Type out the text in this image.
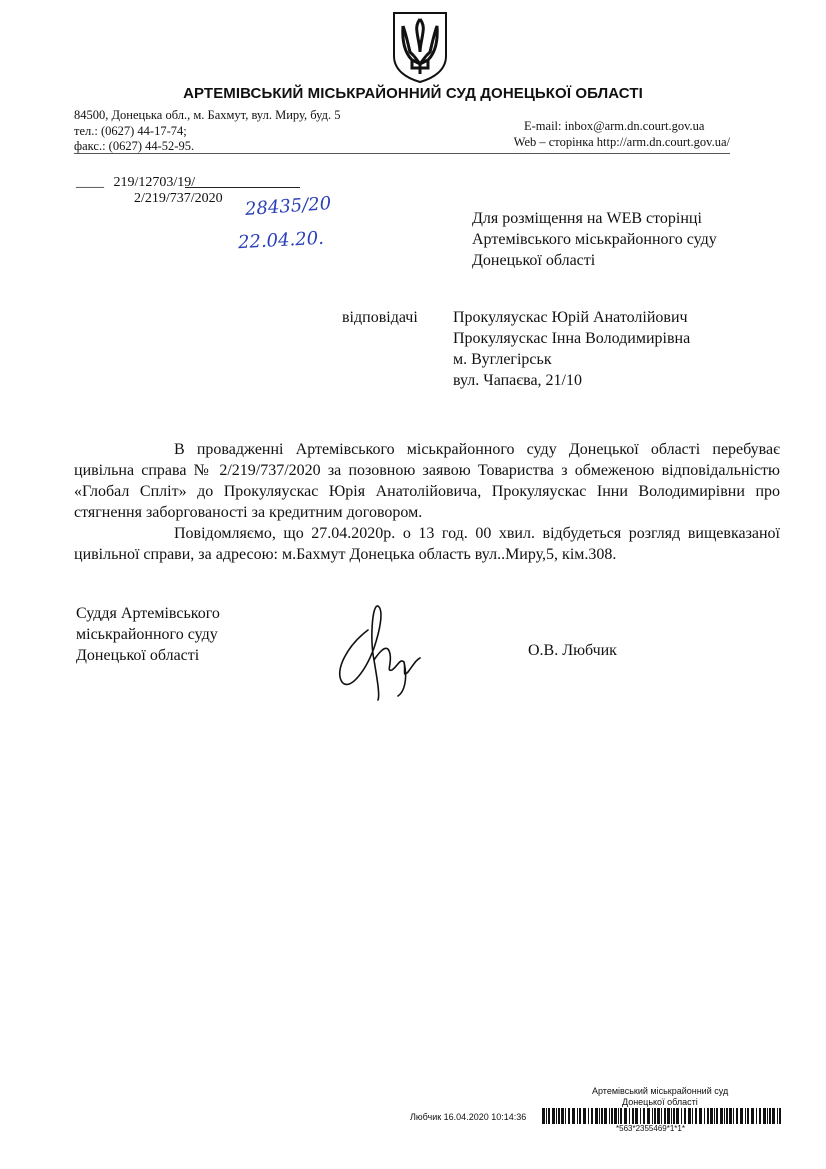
АРТЕМІВСЬКИЙ МІСЬКРАЙОННИЙ СУД ДОНЕЦЬКОЇ ОБЛАСТІ
84500, Донецька обл., м. Бахмут, вул. Миру, буд. 5
тел.: (0627) 44-17-74;	E-mail: inbox@arm.dn.court.gov.ua
факс.: (0627) 44-52-95.	Web – сторінка http://arm.dn.court.gov.ua/
____ 219/12703/19/
2/219/737/2020 28435/20
22.04.20.
Для розміщення на WEB сторінці
Артемівського міськрайонного суду
Донецької області
відповідачі Прокуляускас Юрій Анатолійович
Прокуляускас Інна Володимирівна
м. Вуглегірськ
вул. Чапаєва, 21/10
В провадженні Артемівського міськрайонного суду Донецької області перебуває цивільна справа № 2/219/737/2020 за позовною заявою Товариства з обмеженою відповідальністю «Глобал Спліт» до Прокуляускас Юрія Анатолійовича, Прокуляускас Інни Володимирівни про стягнення заборгованості за кредитним договором.
Повідомляємо, що 27.04.2020р. о 13 год. 00 хвил. відбудеться розгляд вищевказаної цивільної справи, за адресою: м.Бахмут Донецька область вул..Миру,5, кім.308.
Суддя Артемівського
міськрайонного суду
Донецької області	О.В. Любчик
Артемівський міськрайонний суд
Донецької області
Любчик 16.04.2020 10:14:36
*563*2355469*1*1*
